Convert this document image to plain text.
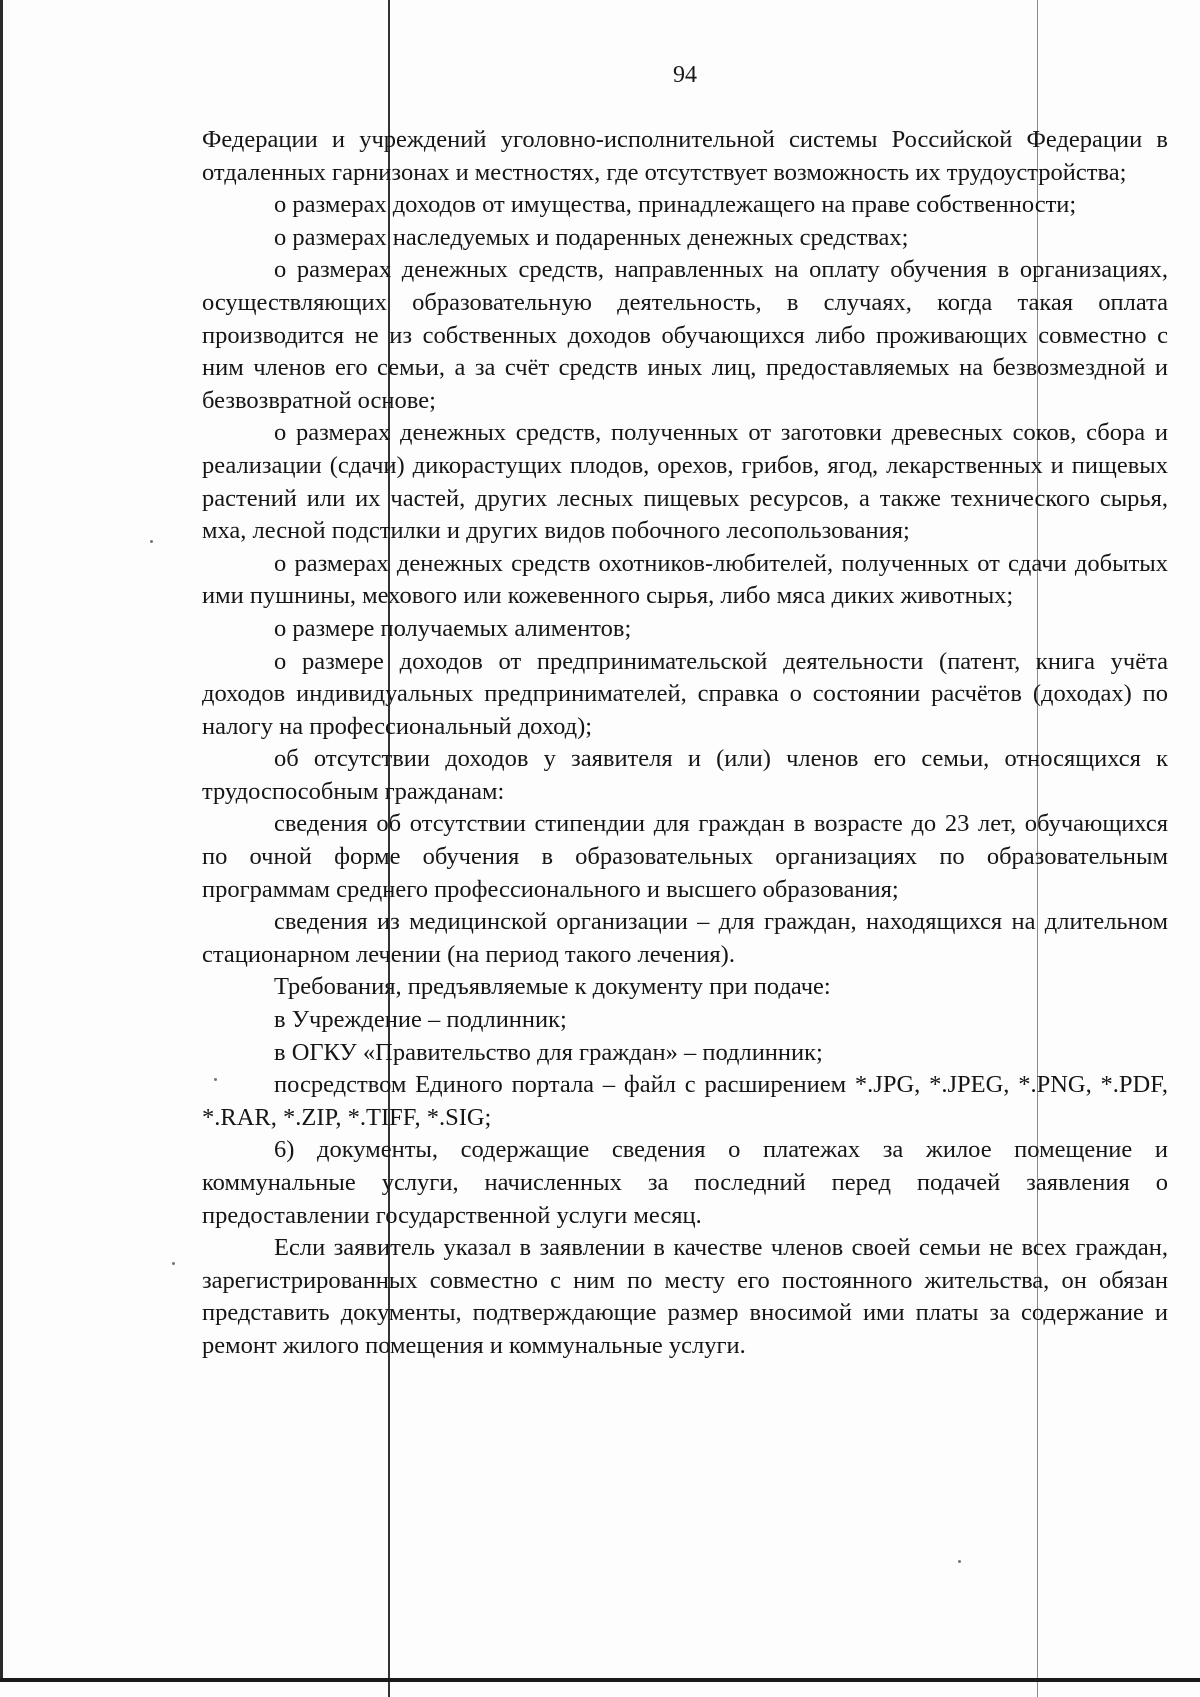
94

Федерации и учреждений уголовно-исполнительной системы Российской Федерации в отдаленных гарнизонах и местностях, где отсутствует возможность их трудоустройства;

о размерах доходов от имущества, принадлежащего на праве собственности;

о размерах наследуемых и подаренных денежных средствах;

о размерах денежных средств, направленных на оплату обучения в организациях, осуществляющих образовательную деятельность, в случаях, когда такая оплата производится не из собственных доходов обучающихся либо проживающих совместно с ним членов его семьи, а за счёт средств иных лиц, предоставляемых на безвозмездной и безвозвратной основе;

о размерах денежных средств, полученных от заготовки древесных соков, сбора и реализации (сдачи) дикорастущих плодов, орехов, грибов, ягод, лекарственных и пищевых растений или их частей, других лесных пищевых ресурсов, а также технического сырья, мха, лесной подстилки и других видов побочного лесопользования;

о размерах денежных средств охотников-любителей, полученных от сдачи добытых ими пушнины, мехового или кожевенного сырья, либо мяса диких животных;

о размере получаемых алиментов;

о размере доходов от предпринимательской деятельности (патент, книга учёта доходов индивидуальных предпринимателей, справка о состоянии расчётов (доходах) по налогу на профессиональный доход);

об отсутствии доходов у заявителя и (или) членов его семьи, относящихся к трудоспособным гражданам:

сведения об отсутствии стипендии для граждан в возрасте до 23 лет, обучающихся по очной форме обучения в образовательных организациях по образовательным программам среднего профессионального и высшего образования;

сведения из медицинской организации – для граждан, находящихся на длительном стационарном лечении (на период такого лечения).

Требования, предъявляемые к документу при подаче:

в Учреждение – подлинник;

в ОГКУ «Правительство для граждан» – подлинник;

посредством Единого портала – файл с расширением *.JPG, *.JPEG, *.PNG, *.PDF, *.RAR, *.ZIP, *.TIFF, *.SIG;

6) документы, содержащие сведения о платежах за жилое помещение и коммунальные услуги, начисленных за последний перед подачей заявления о предоставлении государственной услуги месяц.

Если заявитель указал в заявлении в качестве членов своей семьи не всех граждан, зарегистрированных совместно с ним по месту его постоянного жительства, он обязан представить документы, подтверждающие размер вносимой ими платы за содержание и ремонт жилого помещения и коммунальные услуги.
